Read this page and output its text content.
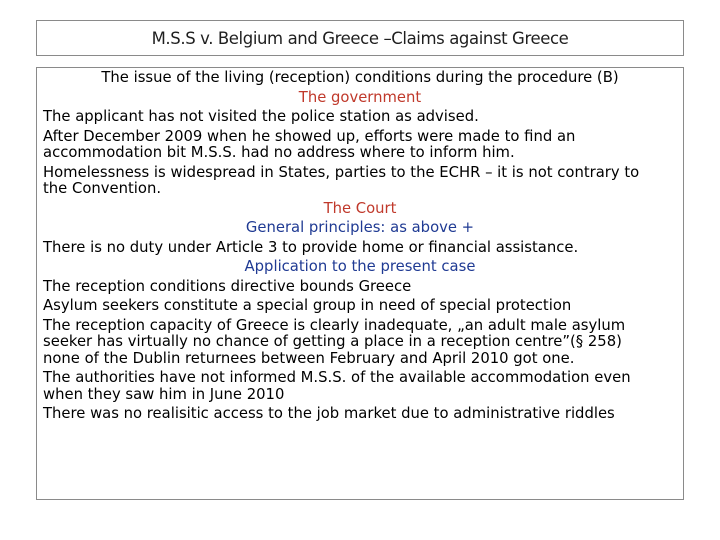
M.S.S v. Belgium and Greece –Claims against Greece

The issue of the living (reception) conditions during the procedure (B)

The government

The applicant has not visited the police station as advised.

After December 2009 when he showed up, efforts were made to find an

accommodation bit M.S.S. had no address where to inform him.

Homelessness is widespread in States, parties to the ECHR – it is not contrary to

the Convention.

The Court

General principles: as above +

There is no duty under Article 3 to provide home or financial assistance.

Application to the present case

The reception conditions directive bounds Greece

Asylum seekers constitute a special group in need of special protection

The reception capacity of Greece is clearly inadequate, „an adult male asylum

seeker has virtually no chance of getting a place in a reception centre”(§ 258)

none of the Dublin returnees between February and April 2010 got one.

The authorities have not informed M.S.S. of the available accommodation even

when they saw him in June 2010

There was no realisitic access to the job market due to administrative riddles
